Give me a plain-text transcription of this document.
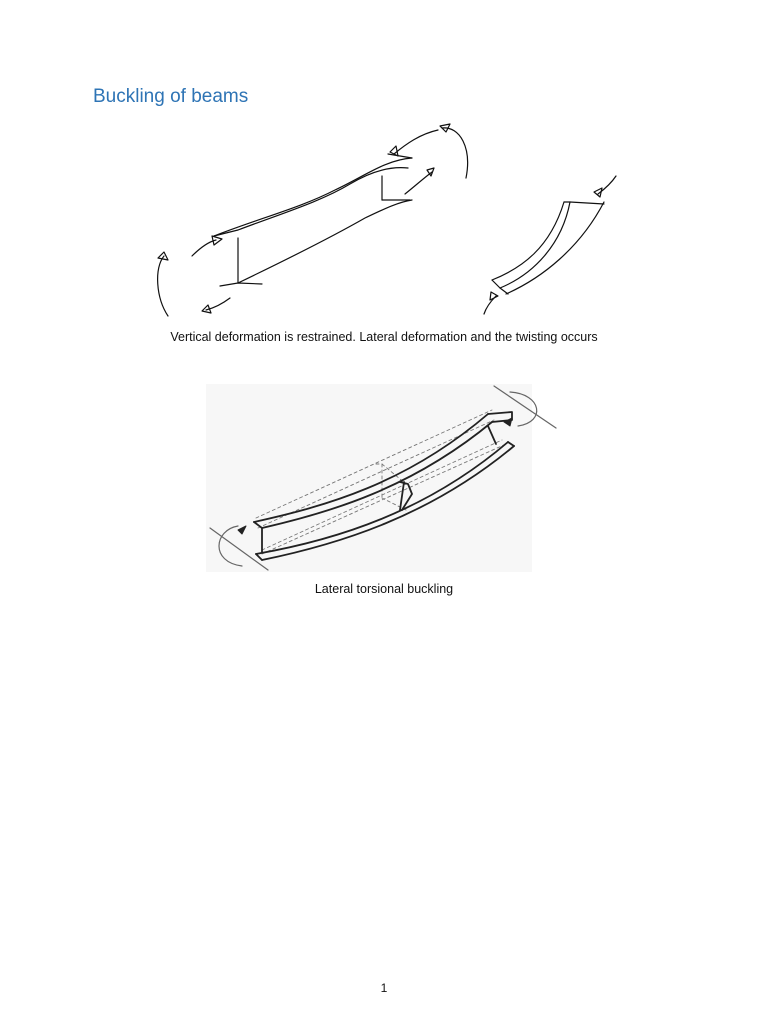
Buckling of beams
Vertical deformation is restrained. Lateral deformation and the twisting occurs
Lateral torsional buckling
1
